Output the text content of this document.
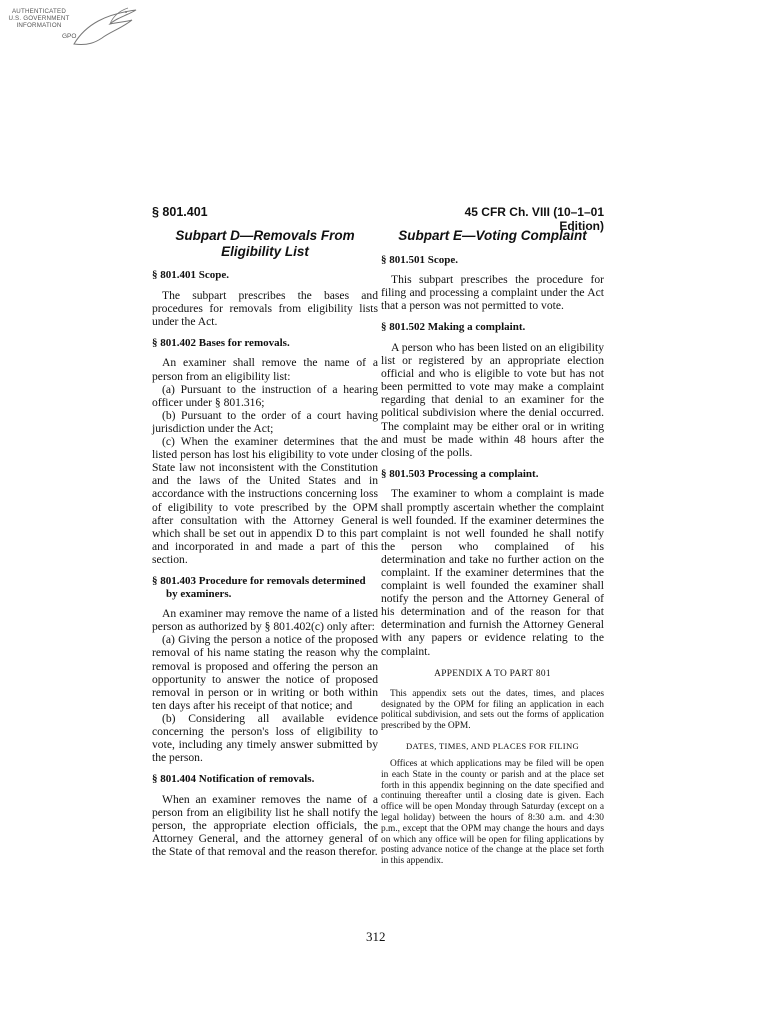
AUTHENTICATED
U.S. GOVERNMENT
INFORMATION
GPO
§ 801.401	45 CFR Ch. VIII (10–1–01 Edition)
Subpart D—Removals From Eligibility List
§ 801.401 Scope.

The subpart prescribes the bases and procedures for removals from eligibility lists under the Act.

§ 801.402 Bases for removals.

An examiner shall remove the name of a person from an eligibility list:

(a) Pursuant to the instruction of a hearing officer under § 801.316;

(b) Pursuant to the order of a court having jurisdiction under the Act;

(c) When the examiner determines that the listed person has lost his eligibility to vote under State law not inconsistent with the Constitution and the laws of the United States and in accordance with the instructions concerning loss of eligibility to vote prescribed by the OPM after consultation with the Attorney General which shall be set out in appendix D to this part and incorporated in and made a part of this section.

§ 801.403 Procedure for removals determined by examiners.

An examiner may remove the name of a listed person as authorized by § 801.402(c) only after:

(a) Giving the person a notice of the proposed removal of his name stating the reason why the removal is proposed and offering the person an opportunity to answer the notice of proposed removal in person or in writing or both within ten days after his receipt of that notice; and

(b) Considering all available evidence concerning the person's loss of eligibility to vote, including any timely answer submitted by the person.

§ 801.404 Notification of removals.

When an examiner removes the name of a person from an eligibility list he shall notify the person, the appropriate election officials, the Attorney General, and the attorney general of the State of that removal and the reason therefor.

Subpart E—Voting Complaint
§ 801.501 Scope.

This subpart prescribes the procedure for filing and processing a complaint under the Act that a person was not permitted to vote.

§ 801.502 Making a complaint.

A person who has been listed on an eligibility list or registered by an appropriate election official and who is eligible to vote but has not been permitted to vote may make a complaint regarding that denial to an examiner for the political subdivision where the denial occurred. The complaint may be either oral or in writing and must be made within 48 hours after the closing of the polls.

§ 801.503 Processing a complaint.

The examiner to whom a complaint is made shall promptly ascertain whether the complaint is well founded. If the examiner determines the complaint is not well founded he shall notify the person who complained of his determination and take no further action on the complaint. If the examiner determines that the complaint is well founded the examiner shall notify the person and the Attorney General of his determination and of the reason for that determination and furnish the Attorney General with any papers or evidence relating to the complaint.

APPENDIX A TO PART 801

This appendix sets out the dates, times, and places designated by the OPM for filing an application in each political subdivision, and sets out the forms of application prescribed by the OPM.

DATES, TIMES, AND PLACES FOR FILING

Offices at which applications may be filed will be open in each State in the county or parish and at the place set forth in this appendix beginning on the date specified and continuing thereafter until a closing date is given. Each office will be open Monday through Saturday (except on a legal holiday) between the hours of 8:30 a.m. and 4:30 p.m., except that the OPM may change the hours and days on which any office will be open for filing applications by posting advance notice of the change at the place set forth in this appendix.

312
